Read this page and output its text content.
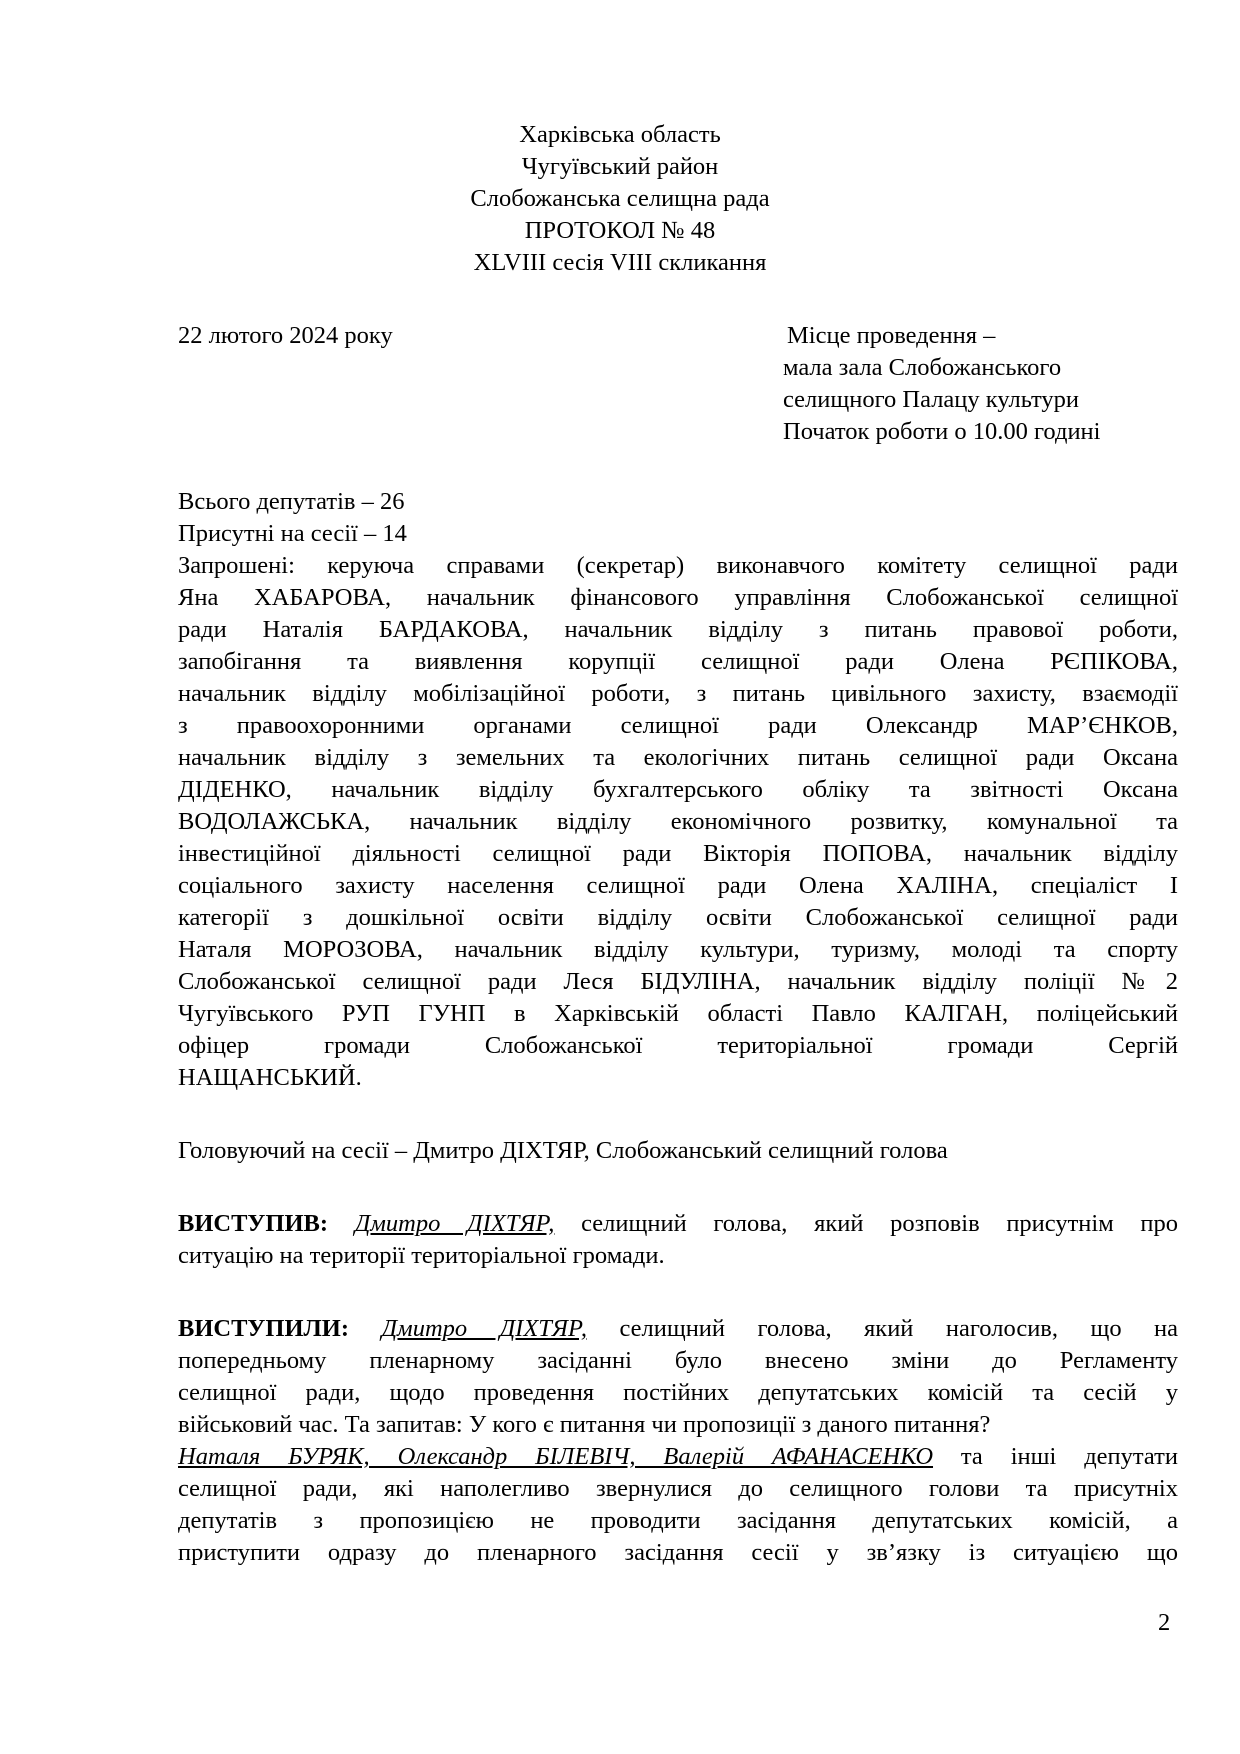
Харківська область
Чугуївський район
Слобожанська селищна рада
ПРОТОКОЛ № 48
XLVIII сесія VIII скликання
22 лютого 2024 року	Місце проведення –
мала зала Слобожанського
селищного Палацу культури
Початок роботи о 10.00 годині
Всього депутатів – 26
Присутні на сесії – 14
Запрошені: керуюча справами (секретар) виконавчого комітету селищної ради
Яна ХАБАРОВА, начальник фінансового управління Слобожанської селищної
ради Наталія БАРДАКОВА, начальник відділу з питань правової роботи,
запобігання та виявлення корупції селищної ради Олена РЄПІКОВА,
начальник відділу мобілізаційної роботи, з питань цивільного захисту, взаємодії
з правоохоронними органами селищної ради Олександр МАР’ЄНКОВ,
начальник відділу з земельних та екологічних питань селищної ради Оксана
ДІДЕНКО, начальник відділу бухгалтерського обліку та звітності Оксана
ВОДОЛАЖСЬКА, начальник відділу економічного розвитку, комунальної та
інвестиційної діяльності селищної ради Вікторія ПОПОВА, начальник відділу
соціального захисту населення селищної ради Олена ХАЛІНА, спеціаліст І
категорії з дошкільної освіти відділу освіти Слобожанської селищної ради
Наталя МОРОЗОВА, начальник відділу культури, туризму, молоді та спорту
Слобожанської селищної ради Леся БІДУЛІНА, начальник відділу поліції №2
Чугуївського РУП ГУНП в Харківській області Павло КАЛГАН, поліцейський
офіцер громади Слобожанської територіальної громади Сергій
НАЩАНСЬКИЙ.
Головуючий на сесії – Дмитро ДІХТЯР, Слобожанський селищний голова
ВИСТУПИВ: Дмитро ДІХТЯР, селищний голова, який розповів присутнім про
ситуацію на території територіальної громади.
ВИСТУПИЛИ: Дмитро ДІХТЯР, селищний голова, який наголосив, що на
попередньому пленарному засіданні було внесено зміни до Регламенту
селищної ради, щодо проведення постійних депутатських комісій та сесій у
військовий час. Та запитав: У кого є питання чи пропозиції з даного питання?
Наталя БУРЯК, Олександр БІЛЕВІЧ, Валерій АФАНАСЕНКО та інші депутати
селищної ради, які наполегливо звернулися до селищного голови та присутніх
депутатів з пропозицією не проводити засідання депутатських комісій, а
приступити одразу до пленарного засідання сесії у зв’язку із ситуацією що
2
